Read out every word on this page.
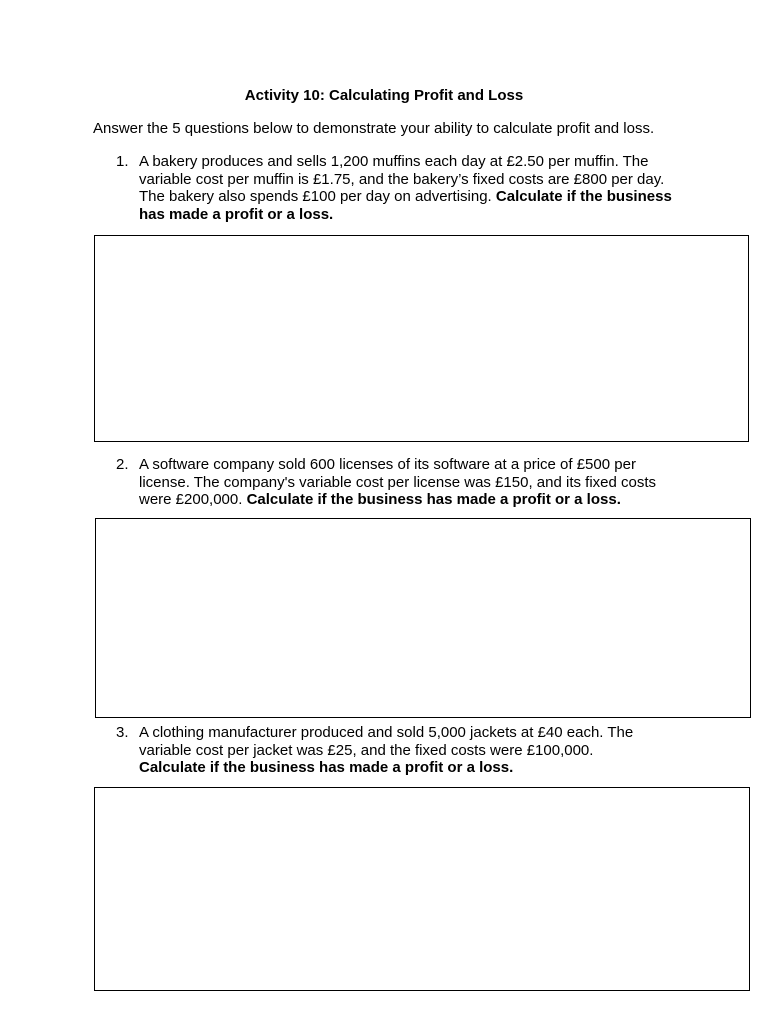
Activity 10: Calculating Profit and Loss
Answer the 5 questions below to demonstrate your ability to calculate profit and loss.
1. A bakery produces and sells 1,200 muffins each day at £2.50 per muffin. The variable cost per muffin is £1.75, and the bakery’s fixed costs are £800 per day. The bakery also spends £100 per day on advertising. Calculate if the business has made a profit or a loss.
2. A software company sold 600 licenses of its software at a price of £500 per license. The company's variable cost per license was £150, and its fixed costs were £200,000. Calculate if the business has made a profit or a loss.
3. A clothing manufacturer produced and sold 5,000 jackets at £40 each. The variable cost per jacket was £25, and the fixed costs were £100,000. Calculate if the business has made a profit or a loss.
